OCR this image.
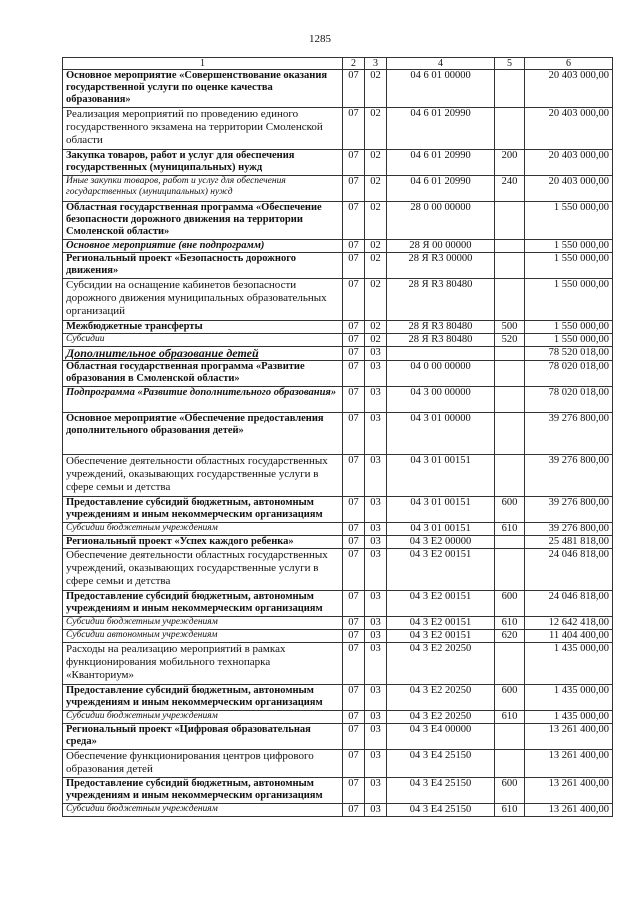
1285
1	2	3	4	5	6
Основное мероприятие «Совершенствование оказания государственной услуги по оценке качества образования»	07	02	04 6 01 00000		20 403 000,00
Реализация мероприятий по проведению единого государственного экзамена на территории Смоленской области	07	02	04 6 01 20990		20 403 000,00
Закупка товаров, работ и услуг для обеспечения государственных (муниципальных) нужд	07	02	04 6 01 20990	200	20 403 000,00
Иные закупки товаров, работ и услуг для обеспечения государственных (муниципальных) нужд	07	02	04 6 01 20990	240	20 403 000,00
Областная государственная программа «Обеспечение безопасности дорожного движения на территории Смоленской области»	07	02	28 0 00 00000		1 550 000,00
Основное мероприятие (вне подпрограмм)	07	02	28 Я 00 00000		1 550 000,00
Региональный проект «Безопасность дорожного движения»	07	02	28 Я R3 00000		1 550 000,00
Субсидии на оснащение кабинетов безопасности дорожного движения муниципальных образовательных организаций	07	02	28 Я R3 80480		1 550 000,00
Межбюджетные трансферты	07	02	28 Я R3 80480	500	1 550 000,00
Субсидии	07	02	28 Я R3 80480	520	1 550 000,00
Дополнительное образование детей	07	03			78 520 018,00
Областная государственная программа «Развитие образования в Смоленской области»	07	03	04 0 00 00000		78 020 018,00
Подпрограмма «Развитие дополнительного образования»	07	03	04 3 00 00000		78 020 018,00
Основное мероприятие «Обеспечение предоставления дополнительного образования детей»	07	03	04 3 01 00000		39 276 800,00
Обеспечение деятельности областных государственных учреждений, оказывающих государственные услуги в сфере семьи и детства	07	03	04 3 01 00151		39 276 800,00
Предоставление субсидий бюджетным, автономным учреждениям и иным некоммерческим организациям	07	03	04 3 01 00151	600	39 276 800,00
Субсидии бюджетным учреждениям	07	03	04 3 01 00151	610	39 276 800,00
Региональный проект «Успех каждого ребенка»	07	03	04 3 E2 00000		25 481 818,00
Обеспечение деятельности областных государственных учреждений, оказывающих государственные услуги в сфере семьи и детства	07	03	04 3 E2 00151		24 046 818,00
Предоставление субсидий бюджетным, автономным учреждениям и иным некоммерческим организациям	07	03	04 3 E2 00151	600	24 046 818,00
Субсидии бюджетным учреждениям	07	03	04 3 E2 00151	610	12 642 418,00
Субсидии автономным учреждениям	07	03	04 3 E2 00151	620	11 404 400,00
Расходы на реализацию мероприятий в рамках функционирования мобильного технопарка «Кванториум»	07	03	04 3 E2 20250		1 435 000,00
Предоставление субсидий бюджетным, автономным учреждениям и иным некоммерческим организациям	07	03	04 3 E2 20250	600	1 435 000,00
Субсидии бюджетным учреждениям	07	03	04 3 E2 20250	610	1 435 000,00
Региональный проект «Цифровая образовательная среда»	07	03	04 3 E4 00000		13 261 400,00
Обеспечение функционирования центров цифрового образования детей	07	03	04 3 E4 25150		13 261 400,00
Предоставление субсидий бюджетным, автономным учреждениям и иным некоммерческим организациям	07	03	04 3 E4 25150	600	13 261 400,00
Субсидии бюджетным учреждениям	07	03	04 3 E4 25150	610	13 261 400,00
